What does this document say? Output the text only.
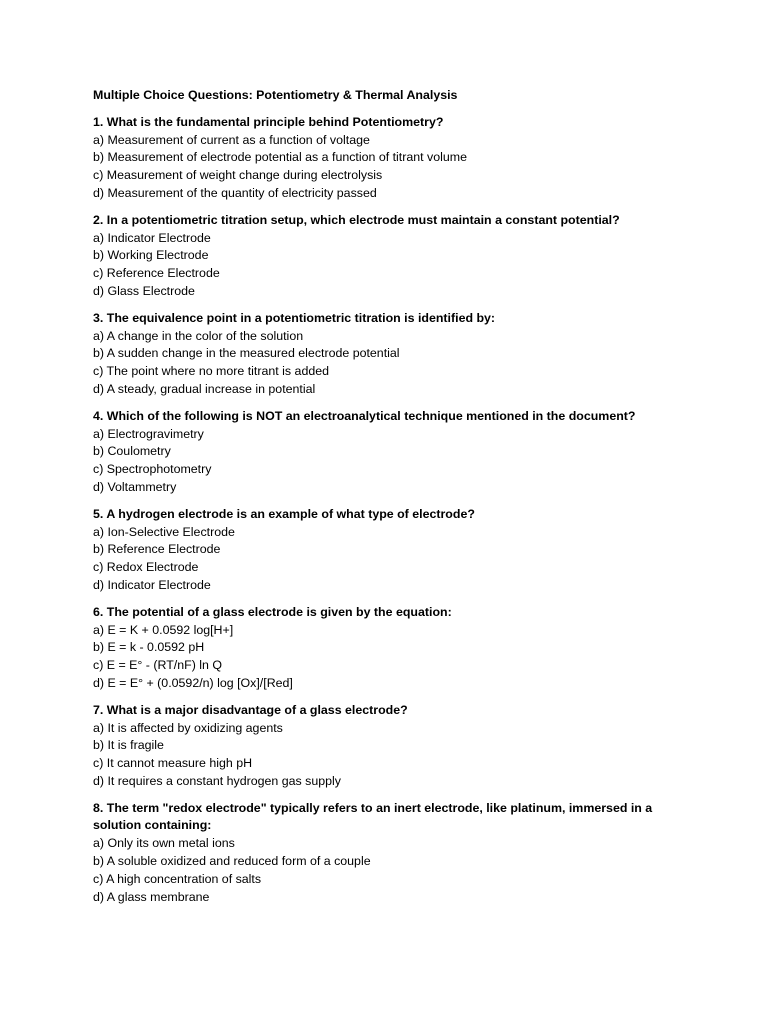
Multiple Choice Questions: Potentiometry & Thermal Analysis
1. What is the fundamental principle behind Potentiometry?
a) Measurement of current as a function of voltage
b) Measurement of electrode potential as a function of titrant volume
c) Measurement of weight change during electrolysis
d) Measurement of the quantity of electricity passed
2. In a potentiometric titration setup, which electrode must maintain a constant potential?
a) Indicator Electrode
b) Working Electrode
c) Reference Electrode
d) Glass Electrode
3. The equivalence point in a potentiometric titration is identified by:
a) A change in the color of the solution
b) A sudden change in the measured electrode potential
c) The point where no more titrant is added
d) A steady, gradual increase in potential
4. Which of the following is NOT an electroanalytical technique mentioned in the document?
a) Electrogravimetry
b) Coulometry
c) Spectrophotometry
d) Voltammetry
5. A hydrogen electrode is an example of what type of electrode?
a) Ion-Selective Electrode
b) Reference Electrode
c) Redox Electrode
d) Indicator Electrode
6. The potential of a glass electrode is given by the equation:
a) E = K + 0.0592 log[H+]
b) E = k - 0.0592 pH
c) E = E° - (RT/nF) ln Q
d) E = E° + (0.0592/n) log [Ox]/[Red]
7. What is a major disadvantage of a glass electrode?
a) It is affected by oxidizing agents
b) It is fragile
c) It cannot measure high pH
d) It requires a constant hydrogen gas supply
8. The term "redox electrode" typically refers to an inert electrode, like platinum, immersed in a solution containing:
a) Only its own metal ions
b) A soluble oxidized and reduced form of a couple
c) A high concentration of salts
d) A glass membrane
